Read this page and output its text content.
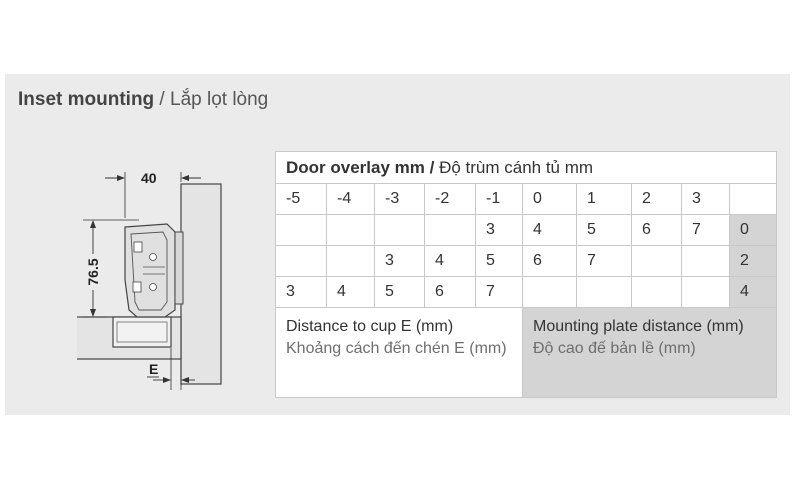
Inset mounting / Lắp lọt lòng
40
76.5
E
Door overlay mm / Độ trùm cánh tủ mm									
-5	-4	-3	-2	-1	0	1	2	3	
				3	4	5	6	7	0
		3	4	5	6	7			2
3	4	5	6	7					4
Distance to cup E (mm)
Khoảng cách đến chén E (mm)					Mounting plate distance (mm)
Độ cao đế bản lề (mm)				
